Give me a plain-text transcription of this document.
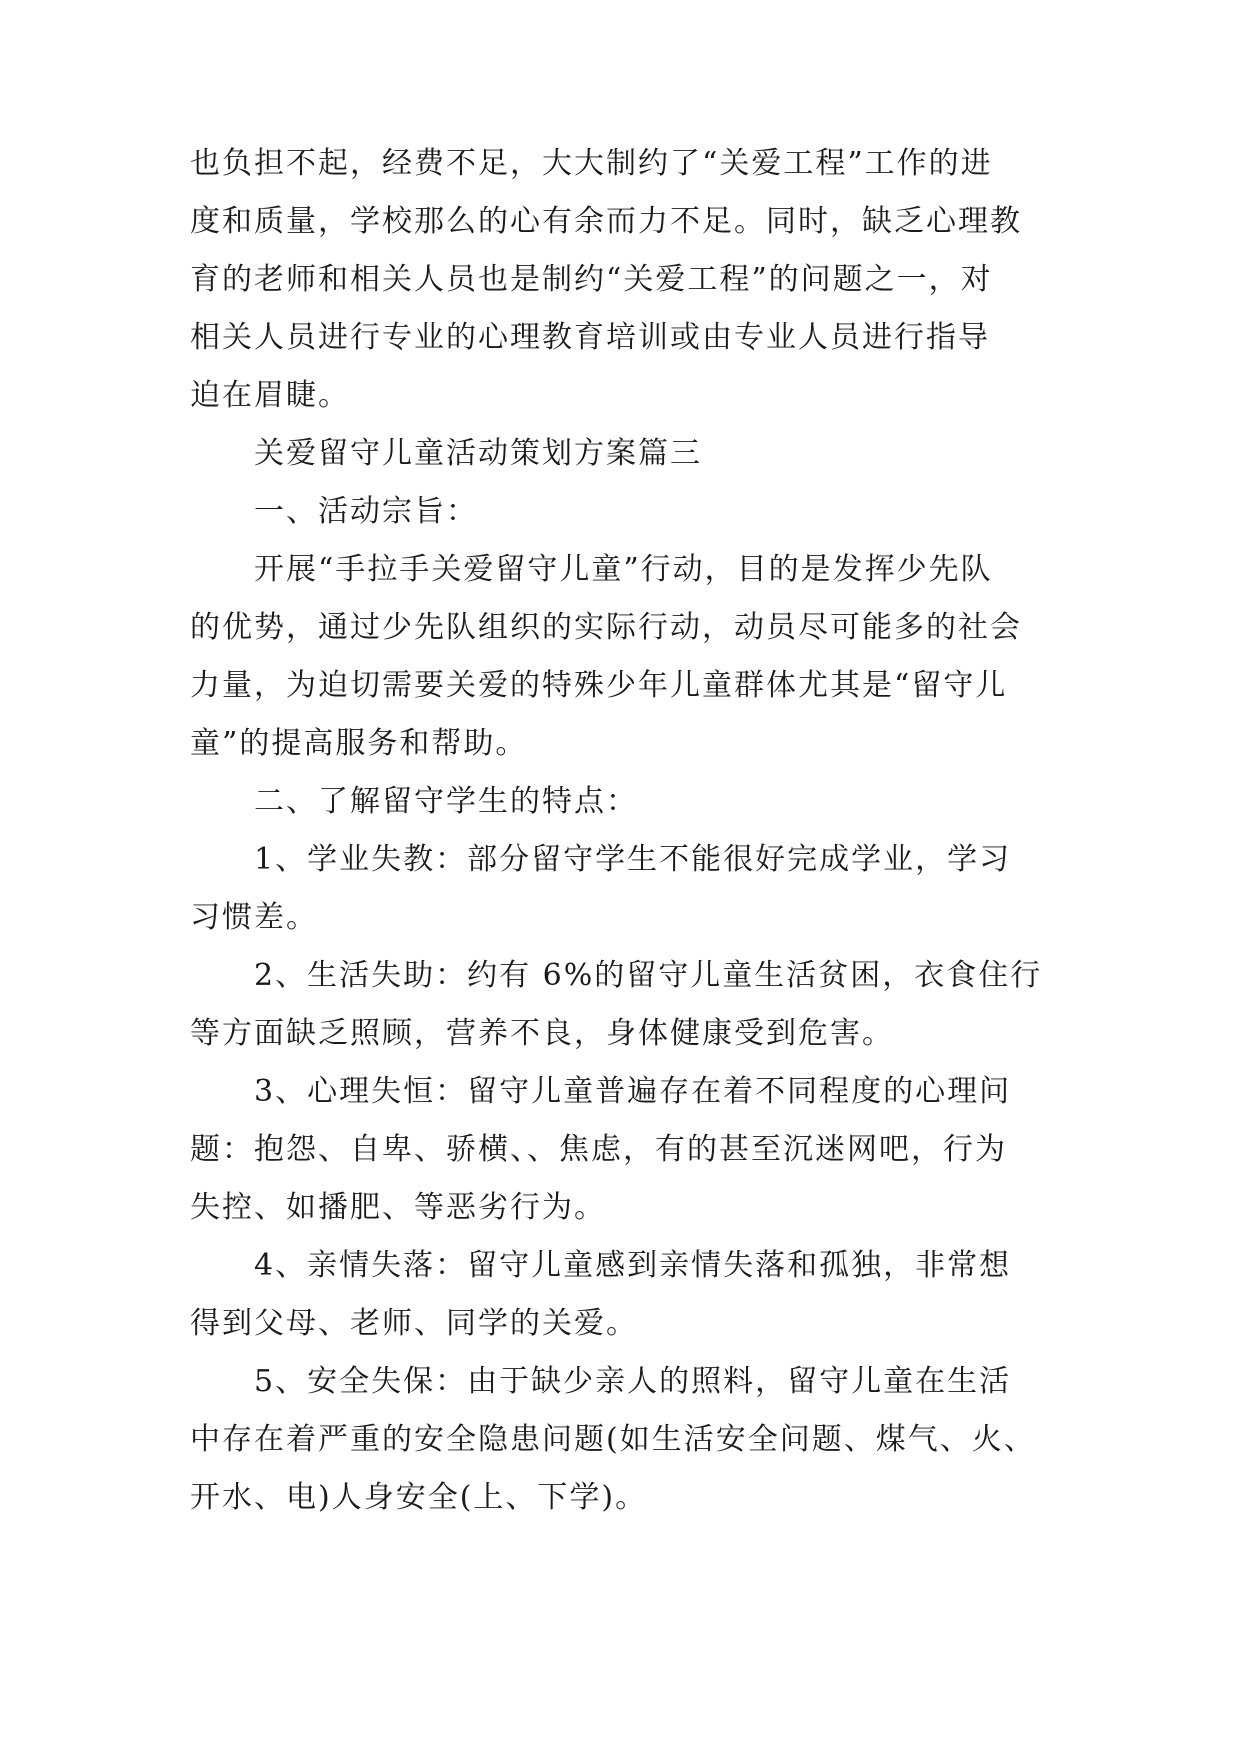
也负担不起，经费不足，大大制约了“关爱工程”工作的进
度和质量，学校那么的心有余而力不足。同时，缺乏心理教
育的老师和相关人员也是制约“关爱工程”的问题之一，对
相关人员进行专业的心理教育培训或由专业人员进行指导
迫在眉睫。
关爱留守儿童活动策划方案篇三
一、活动宗旨：
开展“手拉手关爱留守儿童”行动，目的是发挥少先队
的优势，通过少先队组织的实际行动，动员尽可能多的社会
力量，为迫切需要关爱的特殊少年儿童群体尤其是“留守儿
童”的提高服务和帮助。
二、了解留守学生的特点：
1、学业失教：部分留守学生不能很好完成学业，学习
习惯差。
2、生活失助：约有 6%的留守儿童生活贫困，衣食住行
等方面缺乏照顾，营养不良，身体健康受到危害。
3、心理失恒：留守儿童普遍存在着不同程度的心理问
题：抱怨、自卑、骄横、、焦虑，有的甚至沉迷网吧，行为
失控、如播肥、等恶劣行为。
4、亲情失落：留守儿童感到亲情失落和孤独，非常想
得到父母、老师、同学的关爱。
5、安全失保：由于缺少亲人的照料，留守儿童在生活
中存在着严重的安全隐患问题(如生活安全问题、煤气、火、
开水、电)人身安全(上、下学)。
